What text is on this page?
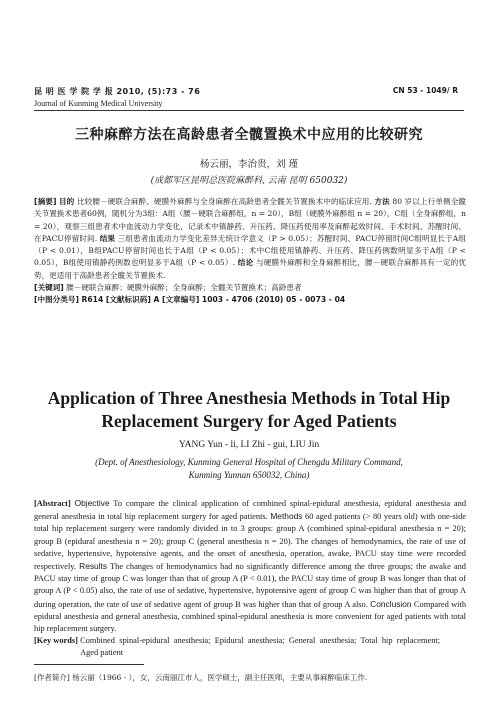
昆 明 医 学 院 学 报 2010, (5):73 - 76
Journal of Kunming Medical University
CN 53 - 1049/ R
三种麻醉方法在高龄患者全髋置换术中应用的比较研究
杨云丽，李治贵，刘 瑾
(成都军区昆明总医院麻醉科, 云南 昆明 650032)

[摘要] 目的 比较腰－硬联合麻醉、硬膜外麻醉与全身麻醉在高龄患者全髋关节置换术中的临床应用. 方法 80 岁以上行单侧全髋关节置换术患者60例，随机分为3组：A组（腰－硬联合麻醉组，n = 20），B组（硬膜外麻醉组 n = 20），C组（全身麻醉组，n = 20），观察三组患者术中血流动力学变化，记录术中镇静药、升压药、降压药使用率及麻醉起效时间、手术时间、苏醒时间、在PACU停留时间. 结果 三组患者血流动力学变化差异无统计学意义（P > 0.05）；苏醒时间、PACU停留时间C组明显长于A组（P < 0.01），B组PACU停留时间也长于A组（P < 0.05）；术中C组使用镇静药、升压药、降压药例数明显多于A组（P < 0.05），B组使用镇静药例数也明显多于A组（P < 0.05）. 结论 与硬膜外麻醉和全身麻醉相比，腰－硬联合麻醉具有一定的优势，更适用于高龄患者全髋关节置换术.

[关键词] 腰－硬联合麻醉；硬膜外麻醉；全身麻醉；全髋关节置换术；高龄患者

[中图分类号] R614 [文献标识码] A [文章编号] 1003 - 4706 (2010) 05 - 0073 - 04

Application of Three Anesthesia Methods in Total Hip
Replacement Surgery for Aged Patients
YANG Yun - li, LI Zhi - gui, LIU Jin
(Dept. of Anesthesiology, Kunming General Hospital of Chengdu Military Command,
Kunming Yunnan 650032, China)

[Abstract] Objective To compare the clinical application of combined spinal-epidural anesthesia, epidural anesthesia and general anesthesia in total hip replacement surgery for aged patients. Methods 60 aged patients (> 80 years old) with one-side total hip replacement surgery were randomly divided in to 3 groups: group A (combined spinal-epidural anesthesia n = 20); group B (epidural anesthesia n = 20); group C (general anesthesia n = 20). The changes of hemodynamics, the rate of use of sedative, hypertensive, hypotensive agents, and the onset of anesthesia, operation, awake, PACU stay time were recorded respectively. Results The changes of hemodynamics had no significantly difference among the three groups; the awake and PACU stay time of group C was longer than that of group A (P < 0.01), the PACU stay time of group B was longer than that of group A (P < 0.05) also, the rate of use of sedative, hypertensive, hypotensive agent of group C was higher than that of group A during operation, the rate of use of sedative agent of group B was higher than that of group A also. Conclusion Compared with epidural anesthesia and general anesthesia, combined spinal-epidural anesthesia is more convenient for aged patients with total hip replacement surgery.

[Key words] Combined spinal-epidural anesthesia; Epidural anesthesia; General anesthesia; Total hip replacement; Aged patient

[作者简介] 杨云丽（1966 - ），女，云南丽江市人，医学硕士，副主任医师，主要从事麻醉临床工作.
